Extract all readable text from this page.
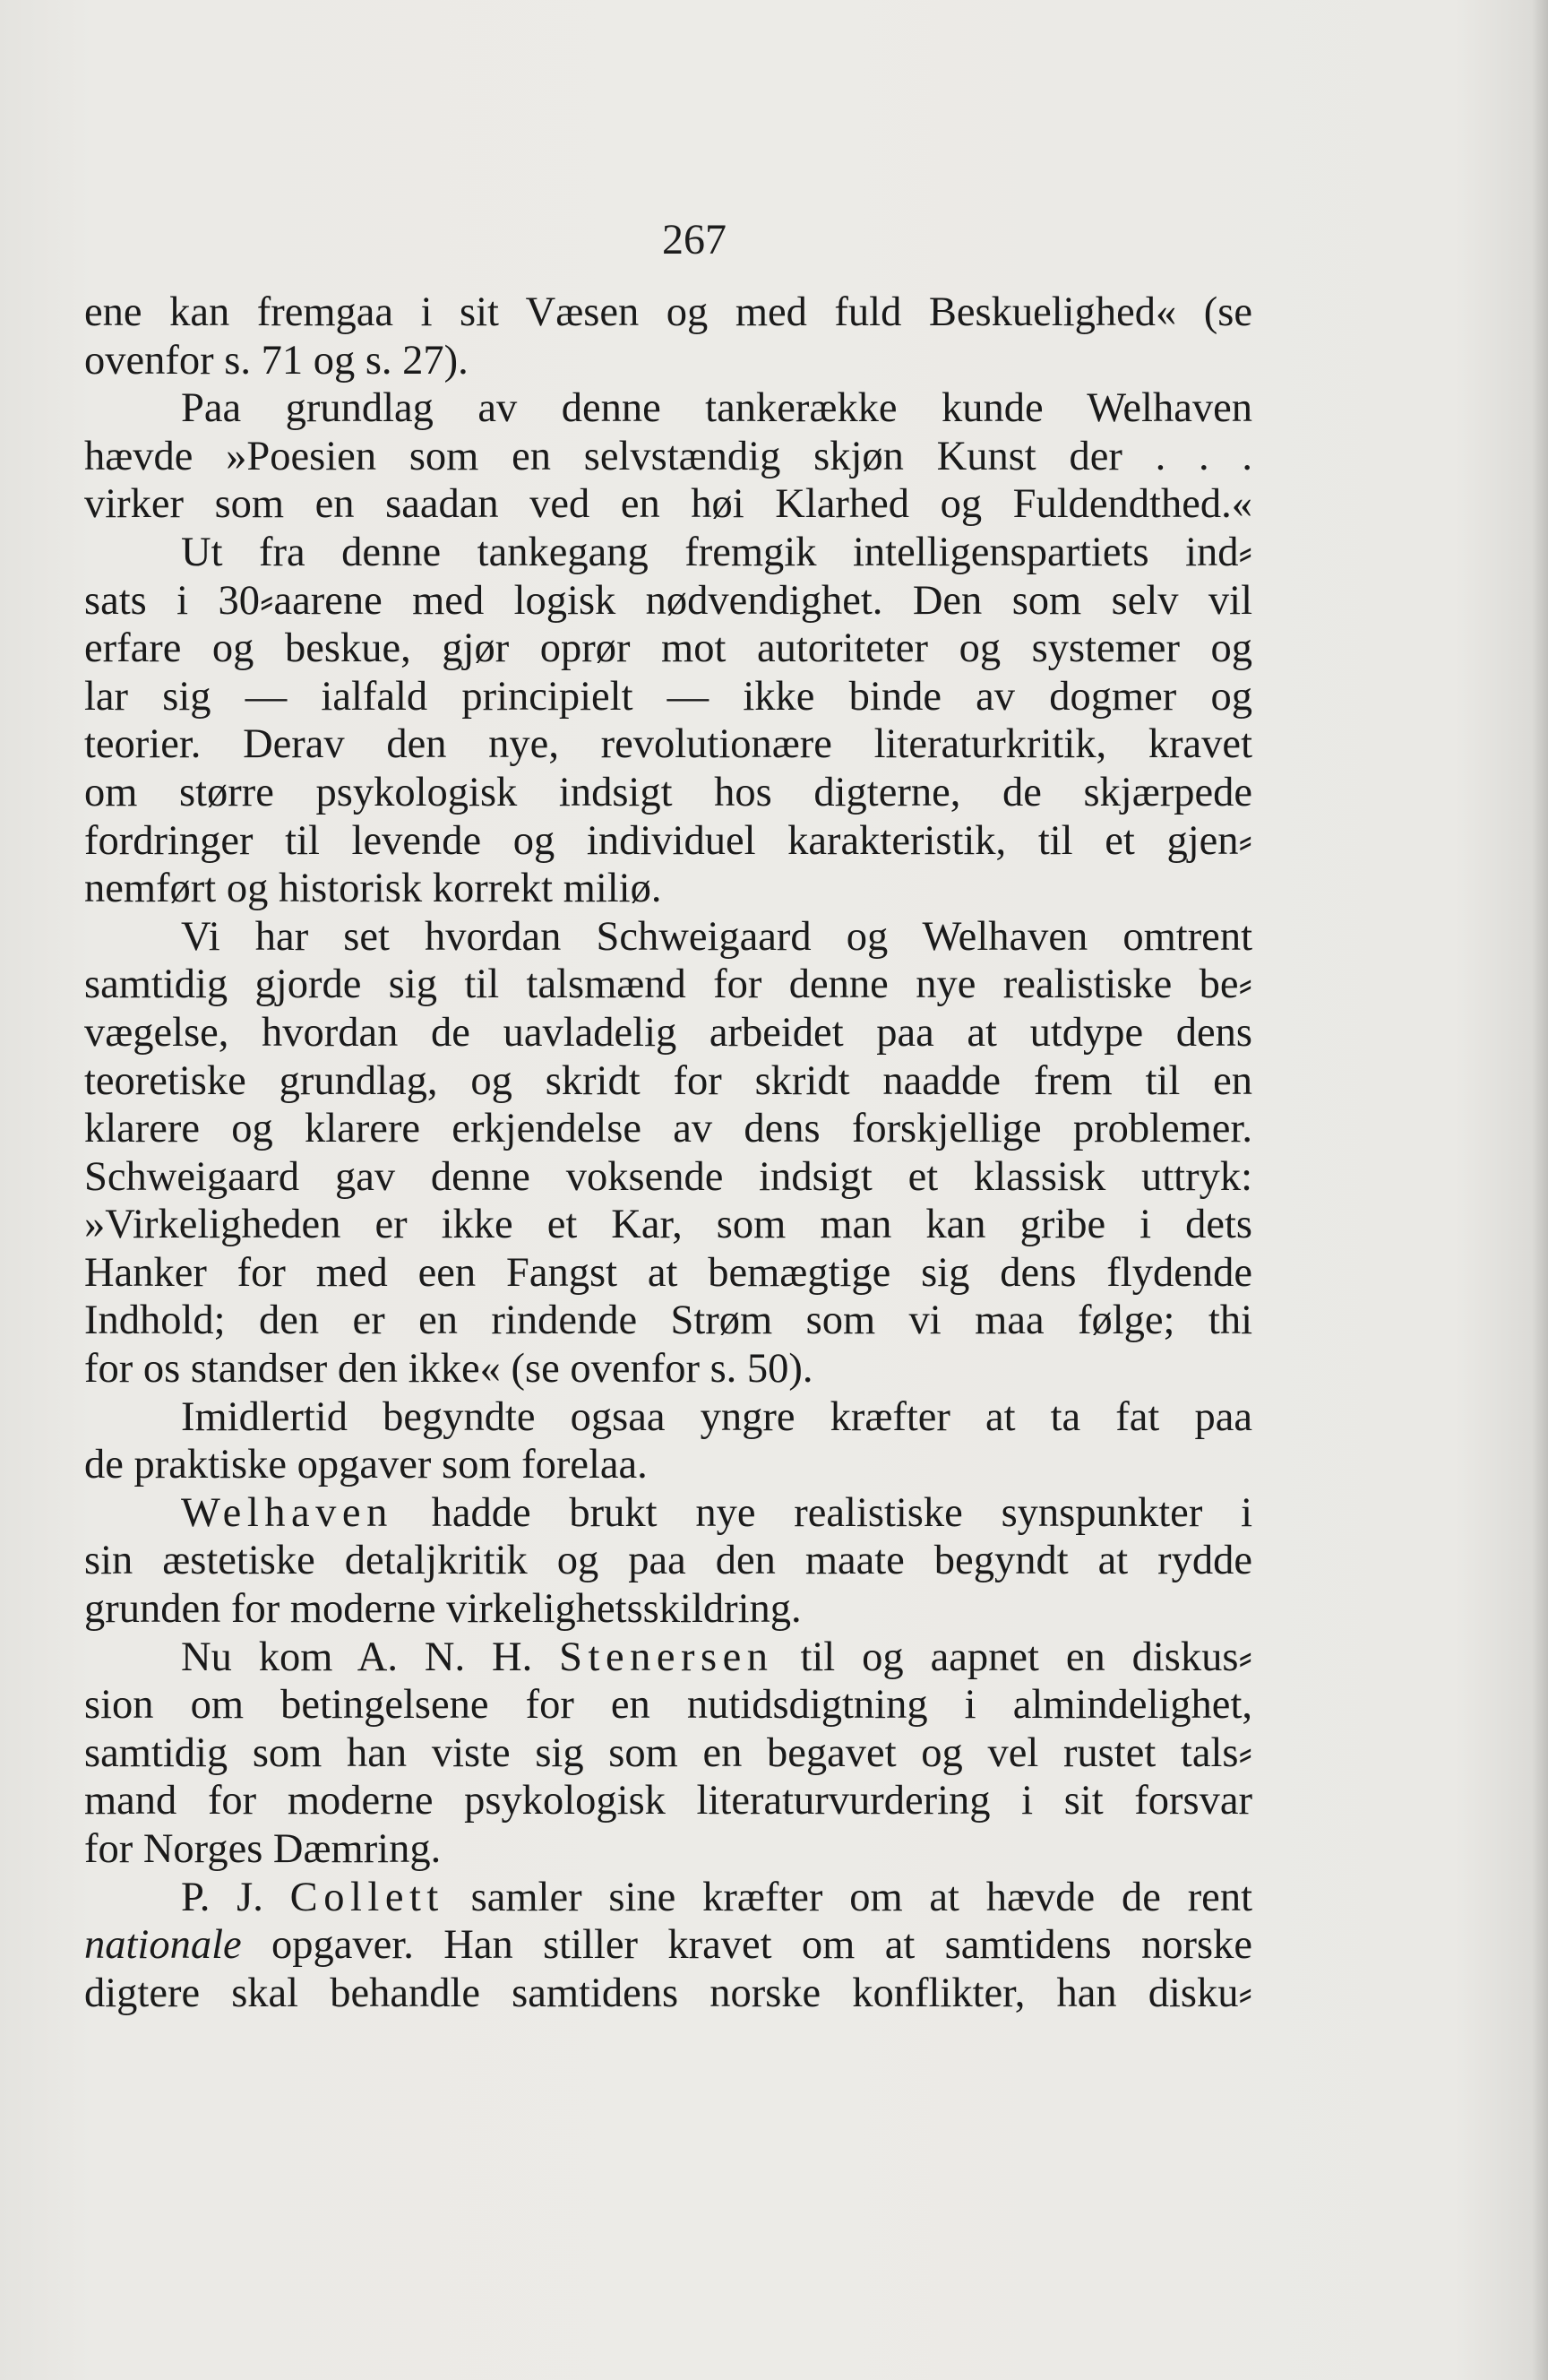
267
ene kan fremgaa i sit Væsen og med fuld Beskuelighed« (se
ovenfor s. 71 og s. 27).
Paa grundlag av denne tankerække kunde Welhaven
hævde »Poesien som en selvstændig skjøn Kunst der . . .
virker som en saadan ved en høi Klarhed og Fuldendthed.«
Ut fra denne tankegang fremgik intelligenspartiets ind⸗
sats i 30⸗aarene med logisk nødvendighet. Den som selv vil
erfare og beskue, gjør oprør mot autoriteter og systemer og
lar sig — ialfald principielt — ikke binde av dogmer og
teorier. Derav den nye, revolutionære literaturkritik, kravet
om større psykologisk indsigt hos digterne, de skjærpede
fordringer til levende og individuel karakteristik, til et gjen⸗
nemført og historisk korrekt miliø.
Vi har set hvordan Schweigaard og Welhaven omtrent
samtidig gjorde sig til talsmænd for denne nye realistiske be⸗
vægelse, hvordan de uavladelig arbeidet paa at utdype dens
teoretiske grundlag, og skridt for skridt naadde frem til en
klarere og klarere erkjendelse av dens forskjellige problemer.
Schweigaard gav denne voksende indsigt et klassisk uttryk:
»Virkeligheden er ikke et Kar, som man kan gribe i dets
Hanker for med een Fangst at bemægtige sig dens flydende
Indhold; den er en rindende Strøm som vi maa følge; thi
for os standser den ikke« (se ovenfor s. 50).
Imidlertid begyndte ogsaa yngre kræfter at ta fat paa
de praktiske opgaver som forelaa.
Welhaven hadde brukt nye realistiske synspunkter i
sin æstetiske detaljkritik og paa den maate begyndt at rydde
grunden for moderne virkelighetsskildring.
Nu kom A. N. H. Stenersen til og aapnet en diskus⸗
sion om betingelsene for en nutidsdigtning i almindelighet,
samtidig som han viste sig som en begavet og vel rustet tals⸗
mand for moderne psykologisk literaturvurdering i sit forsvar
for Norges Dæmring.
P. J. Collett samler sine kræfter om at hævde de rent
nationale opgaver. Han stiller kravet om at samtidens norske
digtere skal behandle samtidens norske konflikter, han disku⸗
